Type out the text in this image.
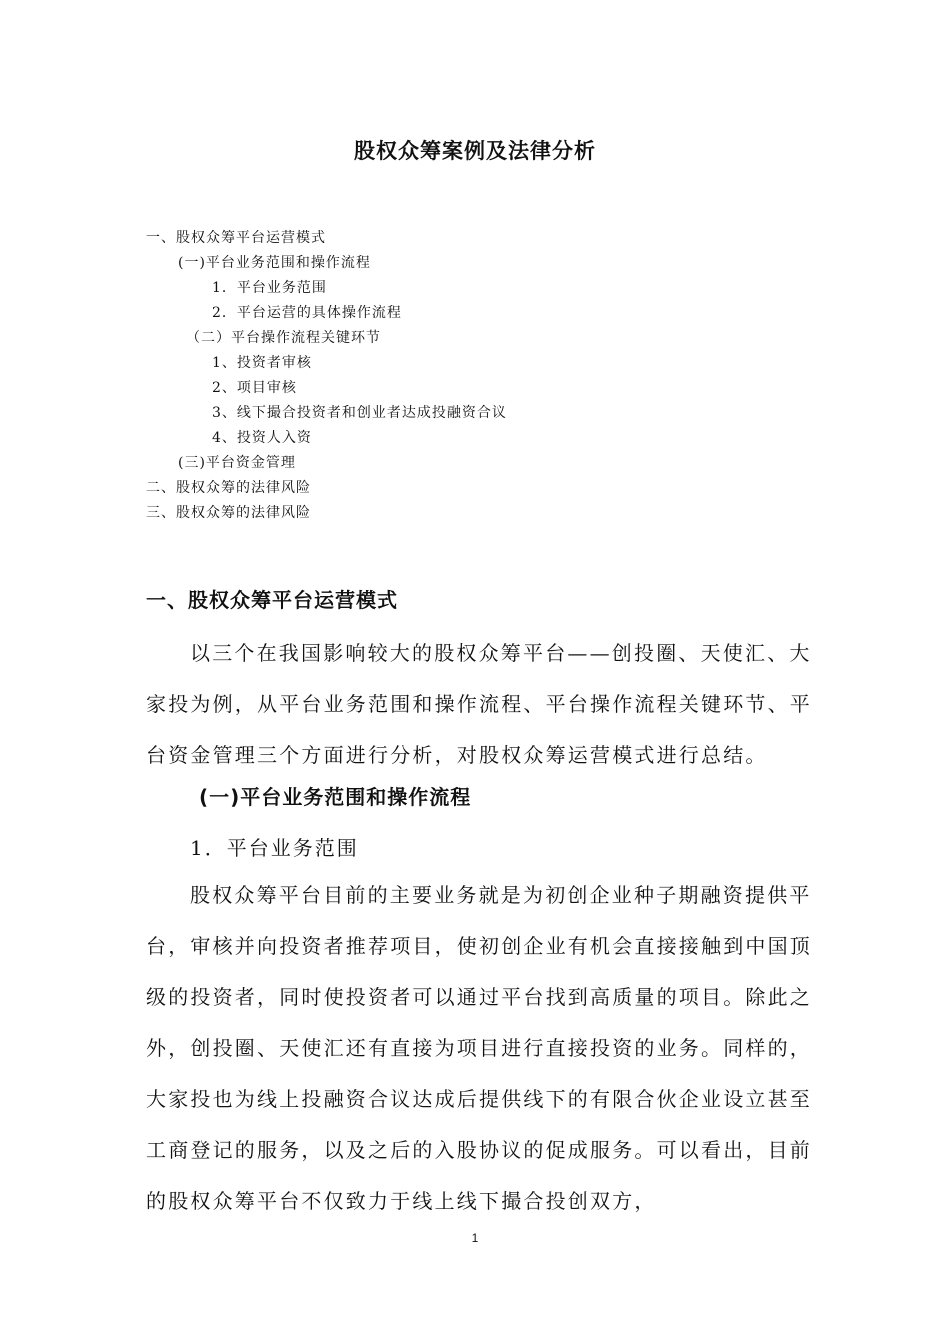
股权众筹案例及法律分析
一、股权众筹平台运营模式
(一)平台业务范围和操作流程
1．平台业务范围
2．平台运营的具体操作流程
（二）平台操作流程关键环节
1、投资者审核
2、项目审核
3、线下撮合投资者和创业者达成投融资合议
4、投资人入资
(三)平台资金管理
二、股权众筹的法律风险
三、股权众筹的法律风险
一、股权众筹平台运营模式
以三个在我国影响较大的股权众筹平台——创投圈、天使汇、大家投为例，从平台业务范围和操作流程、平台操作流程关键环节、平台资金管理三个方面进行分析，对股权众筹运营模式进行总结。
(一)平台业务范围和操作流程
1．平台业务范围
股权众筹平台目前的主要业务就是为初创企业种子期融资提供平台，审核并向投资者推荐项目，使初创企业有机会直接接触到中国顶级的投资者，同时使投资者可以通过平台找到高质量的项目。除此之外，创投圈、天使汇还有直接为项目进行直接投资的业务。同样的，大家投也为线上投融资合议达成后提供线下的有限合伙企业设立甚至工商登记的服务，以及之后的入股协议的促成服务。可以看出，目前的股权众筹平台不仅致力于线上线下撮合投创双方，
1
